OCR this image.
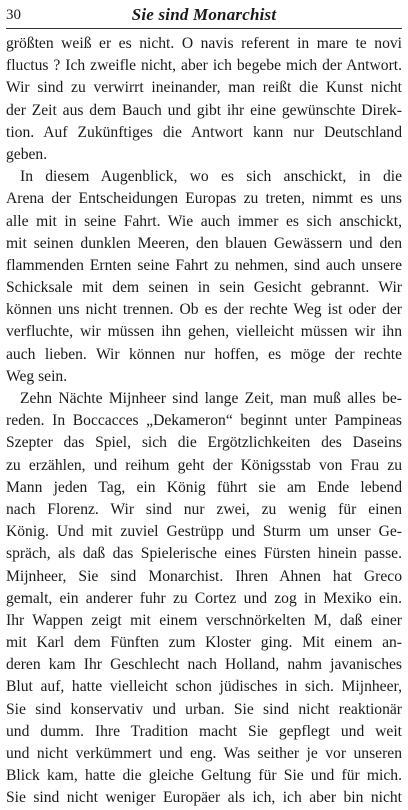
30	Sie sind Monarchist
größten weiß er es nicht. O navis referent in mare te novi
fluctus ? Ich zweifle nicht, aber ich begebe mich der Antwort.
Wir sind zu verwirrt ineinander, man reißt die Kunst nicht
der Zeit aus dem Bauch und gibt ihr eine gewünschte Direk-
tion. Auf Zukünftiges die Antwort kann nur Deutschland
geben.
In diesem Augenblick, wo es sich anschickt, in die
Arena der Entscheidungen Europas zu treten, nimmt es uns
alle mit in seine Fahrt. Wie auch immer es sich anschickt,
mit seinen dunklen Meeren, den blauen Gewässern und den
flammenden Ernten seine Fahrt zu nehmen, sind auch unsere
Schicksale mit dem seinen in sein Gesicht gebrannt. Wir
können uns nicht trennen. Ob es der rechte Weg ist oder der
verfluchte, wir müssen ihn gehen, vielleicht müssen wir ihn
auch lieben. Wir können nur hoffen, es möge der rechte
Weg sein.
Zehn Nächte Mijnheer sind lange Zeit, man muß alles be-
reden. In Boccacces „Dekameron“ beginnt unter Pampineas
Szepter das Spiel, sich die Ergötzlichkeiten des Daseins
zu erzählen, und reihum geht der Königsstab von Frau zu
Mann jeden Tag, ein König führt sie am Ende lebend
nach Florenz. Wir sind nur zwei, zu wenig für einen
König. Und mit zuviel Gestrüpp und Sturm um unser Ge-
spräch, als daß das Spielerische eines Fürsten hinein passe.
Mijnheer, Sie sind Monarchist. Ihren Ahnen hat Greco
gemalt, ein anderer fuhr zu Cortez und zog in Mexiko ein.
Ihr Wappen zeigt mit einem verschnörkelten M, daß einer
mit Karl dem Fünften zum Kloster ging. Mit einem an-
deren kam Ihr Geschlecht nach Holland, nahm javanisches
Blut auf, hatte vielleicht schon jüdisches in sich. Mijnheer,
Sie sind konservativ und urban. Sie sind nicht reaktionär
und dumm. Ihre Tradition macht Sie gepflegt und weit
und nicht verkümmert und eng. Was seither je vor unseren
Blick kam, hatte die gleiche Geltung für Sie und für mich.
Sie sind nicht weniger Europäer als ich, ich aber bin nicht
